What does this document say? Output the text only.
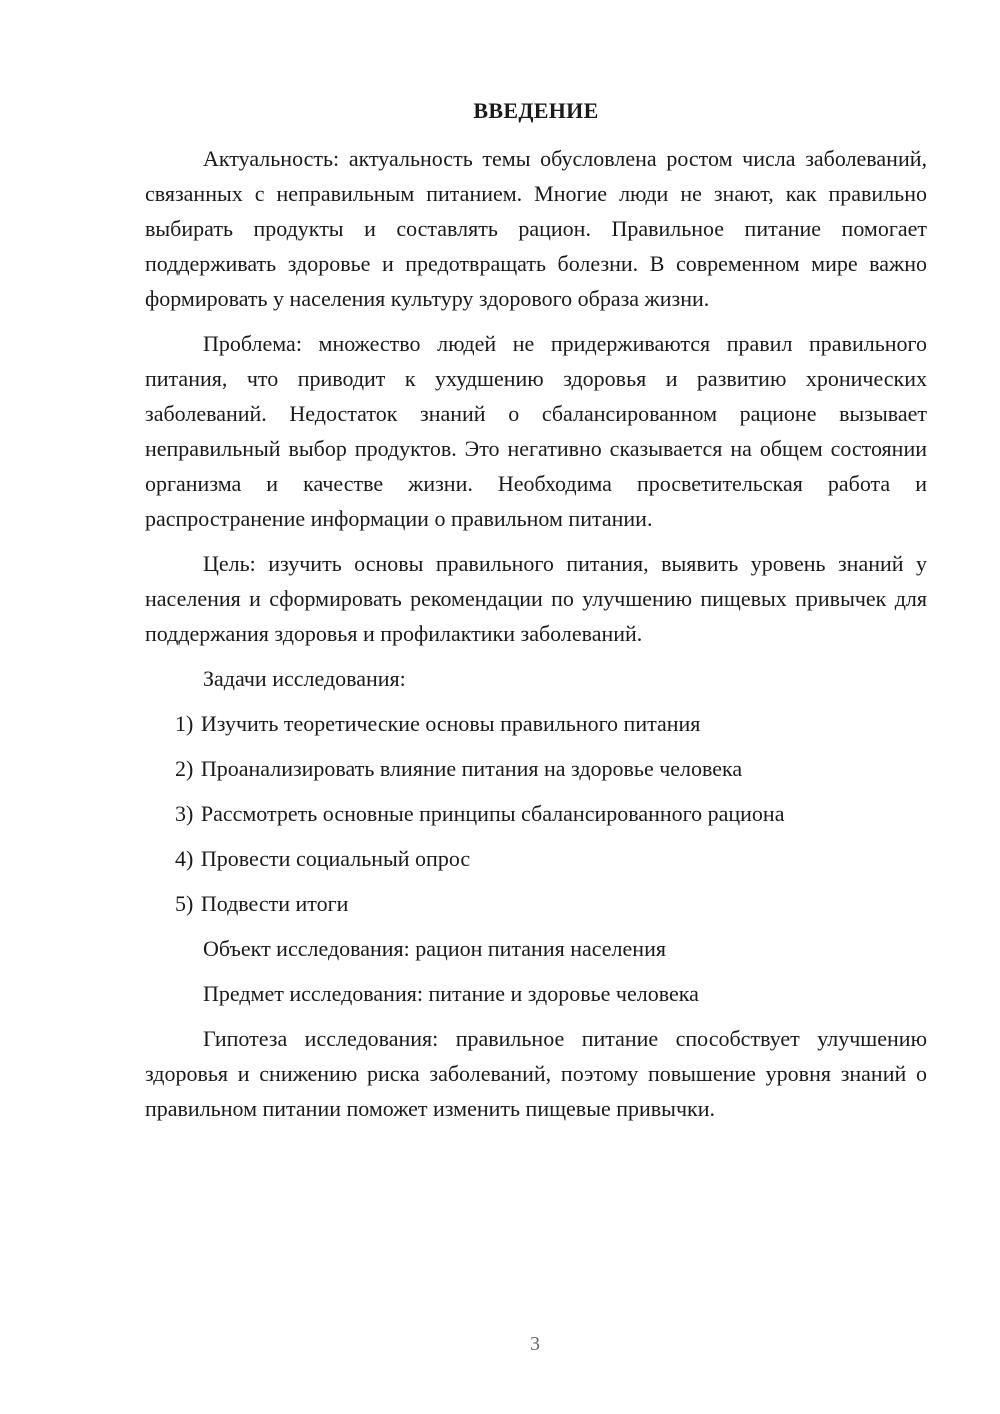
ВВЕДЕНИЕ

Актуальность: актуальность темы обусловлена ростом числа заболеваний, связанных с неправильным питанием. Многие люди не знают, как правильно выбирать продукты и составлять рацион. Правильное питание помогает поддерживать здоровье и предотвращать болезни. В современном мире важно формировать у населения культуру здорового образа жизни.

Проблема: множество людей не придерживаются правил правильного питания, что приводит к ухудшению здоровья и развитию хронических заболеваний. Недостаток знаний о сбалансированном рационе вызывает неправильный выбор продуктов. Это негативно сказывается на общем состоянии организма и качестве жизни. Необходима просветительская работа и распространение информации о правильном питании.

Цель: изучить основы правильного питания, выявить уровень знаний у населения и сформировать рекомендации по улучшению пищевых привычек для поддержания здоровья и профилактики заболеваний.

Задачи исследования:

1) Изучить теоретические основы правильного питания
2) Проанализировать влияние питания на здоровье человека
3) Рассмотреть основные принципы сбалансированного рациона
4) Провести социальный опрос
5) Подвести итоги

Объект исследования: рацион питания населения

Предмет исследования: питание и здоровье человека

Гипотеза исследования: правильное питание способствует улучшению здоровья и снижению риска заболеваний, поэтому повышение уровня знаний о правильном питании поможет изменить пищевые привычки.

3
